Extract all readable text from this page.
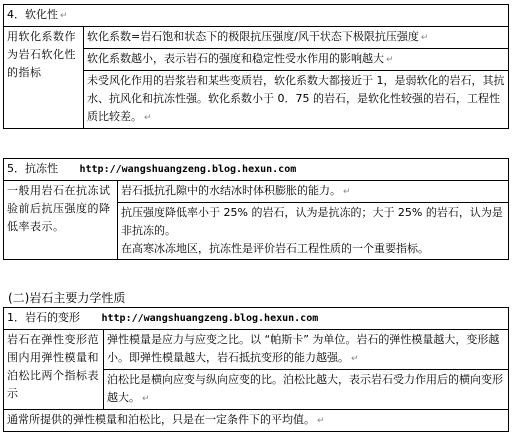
4．软化性 ↵
用软化系数作为岩石软化性的指标	软化系数=岩石饱和状态下的极限抗压强度/风干状态下极限抗压强度 ↵
软化系数越小，表示岩石的强度和稳定性受水作用的影响越大 ↵
未受风化作用的岩浆岩和某些变质岩，软化系数大都接近于 1，是弱软化的岩石，其抗水、抗风化和抗冻性强。软化系数小于 0．75 的岩石，是软化性较强的岩石，工程性质比较差。 ↵
5．抗冻性 http://wangshuangzeng.blog.hexun.com
一般用岩石在抗冻试验前后抗压强度的降低率表示。	岩石抵抗孔隙中的水结冰时体积膨胀的能力。 ↵

抗压强度降低率小于 25% 的岩石，认为是抗冻的；大于 25% 的岩石，认为是非抗冻的。
在高寒冰冻地区，抗冻性是评价岩石工程性质的一个重要指标。
(二)岩石主要力学性质
1．岩石的变形 http://wangshuangzeng.blog.hexun.com
岩石在弹性变形范围内用弹性模量和泊松比两个指标表示	弹性模量是应力与应变之比。以 “帕斯卡” 为单位。岩石的弹性模量越大，变形越小。即弹性模量越大，岩石抵抗变形的能力越强。 ↵
泊松比是横向应变与纵向应变的比。泊松比越大，表示岩石受力作用后的横向变形越大。 ↵
通常所提供的弹性模量和泊松比，只是在一定条件下的平均值。 ↵
